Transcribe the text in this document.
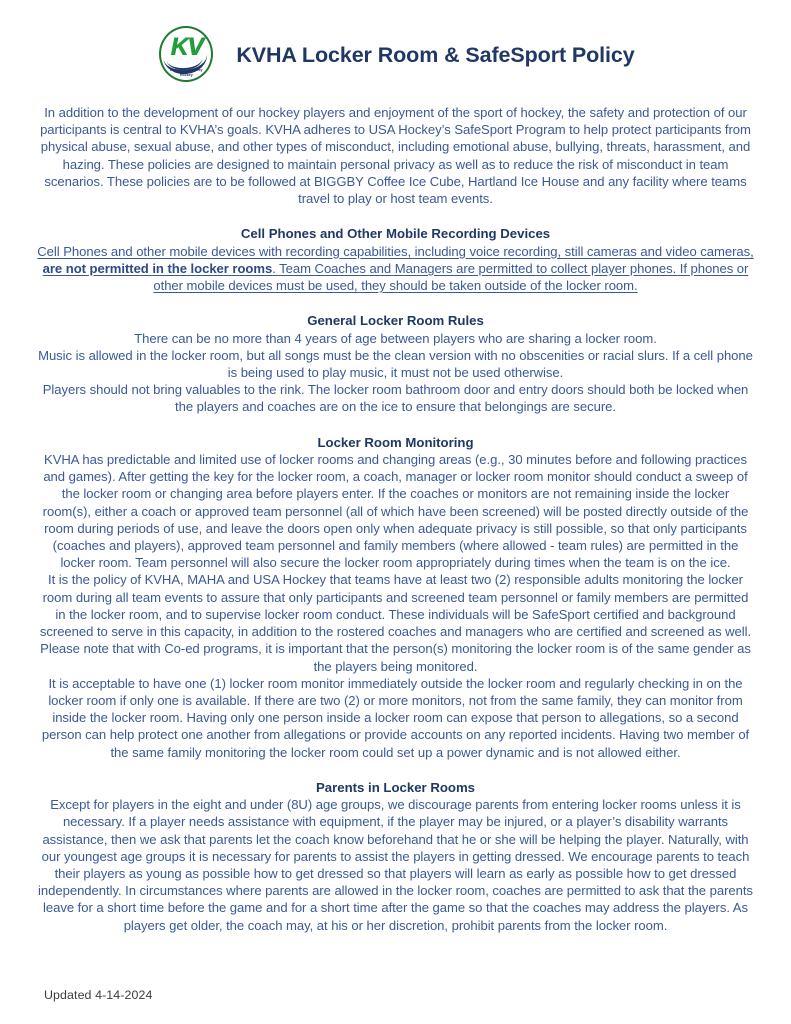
KV
Kensington Valley
Hockey
KVHA Locker Room & SafeSport Policy

In addition to the development of our hockey players and enjoyment of the sport of hockey, the safety and protection of our participants is central to KVHA’s goals. KVHA adheres to USA Hockey’s SafeSport Program to help protect participants from physical abuse, sexual abuse, and other types of misconduct, including emotional abuse, bullying, threats, harassment, and hazing. These policies are designed to maintain personal privacy as well as to reduce the risk of misconduct in team scenarios. These policies are to be followed at BIGGBY Coffee Ice Cube, Hartland Ice House and any facility where teams travel to play or host team events.

Cell Phones and Other Mobile Recording Devices

Cell Phones and other mobile devices with recording capabilities, including voice recording, still cameras and video cameras, are not permitted in the locker rooms. Team Coaches and Managers are permitted to collect player phones. If phones or other mobile devices must be used, they should be taken outside of the locker room.

General Locker Room Rules

There can be no more than 4 years of age between players who are sharing a locker room.

Music is allowed in the locker room, but all songs must be the clean version with no obscenities or racial slurs. If a cell phone is being used to play music, it must not be used otherwise.

Players should not bring valuables to the rink. The locker room bathroom door and entry doors should both be locked when the players and coaches are on the ice to ensure that belongings are secure.

Locker Room Monitoring

KVHA has predictable and limited use of locker rooms and changing areas (e.g., 30 minutes before and following practices and games). After getting the key for the locker room, a coach, manager or locker room monitor should conduct a sweep of the locker room or changing area before players enter. If the coaches or monitors are not remaining inside the locker room(s), either a coach or approved team personnel (all of which have been screened) will be posted directly outside of the room during periods of use, and leave the doors open only when adequate privacy is still possible, so that only participants (coaches and players), approved team personnel and family members (where allowed - team rules) are permitted in the locker room. Team personnel will also secure the locker room appropriately during times when the team is on the ice.

It is the policy of KVHA, MAHA and USA Hockey that teams have at least two (2) responsible adults monitoring the locker room during all team events to assure that only participants and screened team personnel or family members are permitted in the locker room, and to supervise locker room conduct. These individuals will be SafeSport certified and background screened to serve in this capacity, in addition to the rostered coaches and managers who are certified and screened as well. Please note that with Co-ed programs, it is important that the person(s) monitoring the locker room is of the same gender as the players being monitored.

It is acceptable to have one (1) locker room monitor immediately outside the locker room and regularly checking in on the locker room if only one is available. If there are two (2) or more monitors, not from the same family, they can monitor from inside the locker room. Having only one person inside a locker room can expose that person to allegations, so a second person can help protect one another from allegations or provide accounts on any reported incidents. Having two member of the same family monitoring the locker room could set up a power dynamic and is not allowed either.

Parents in Locker Rooms

Except for players in the eight and under (8U) age groups, we discourage parents from entering locker rooms unless it is necessary. If a player needs assistance with equipment, if the player may be injured, or a player’s disability warrants assistance, then we ask that parents let the coach know beforehand that he or she will be helping the player. Naturally, with our youngest age groups it is necessary for parents to assist the players in getting dressed. We encourage parents to teach their players as young as possible how to get dressed so that players will learn as early as possible how to get dressed independently. In circumstances where parents are allowed in the locker room, coaches are permitted to ask that the parents leave for a short time before the game and for a short time after the game so that the coaches may address the players. As players get older, the coach may, at his or her discretion, prohibit parents from the locker room.

Updated 4-14-2024
